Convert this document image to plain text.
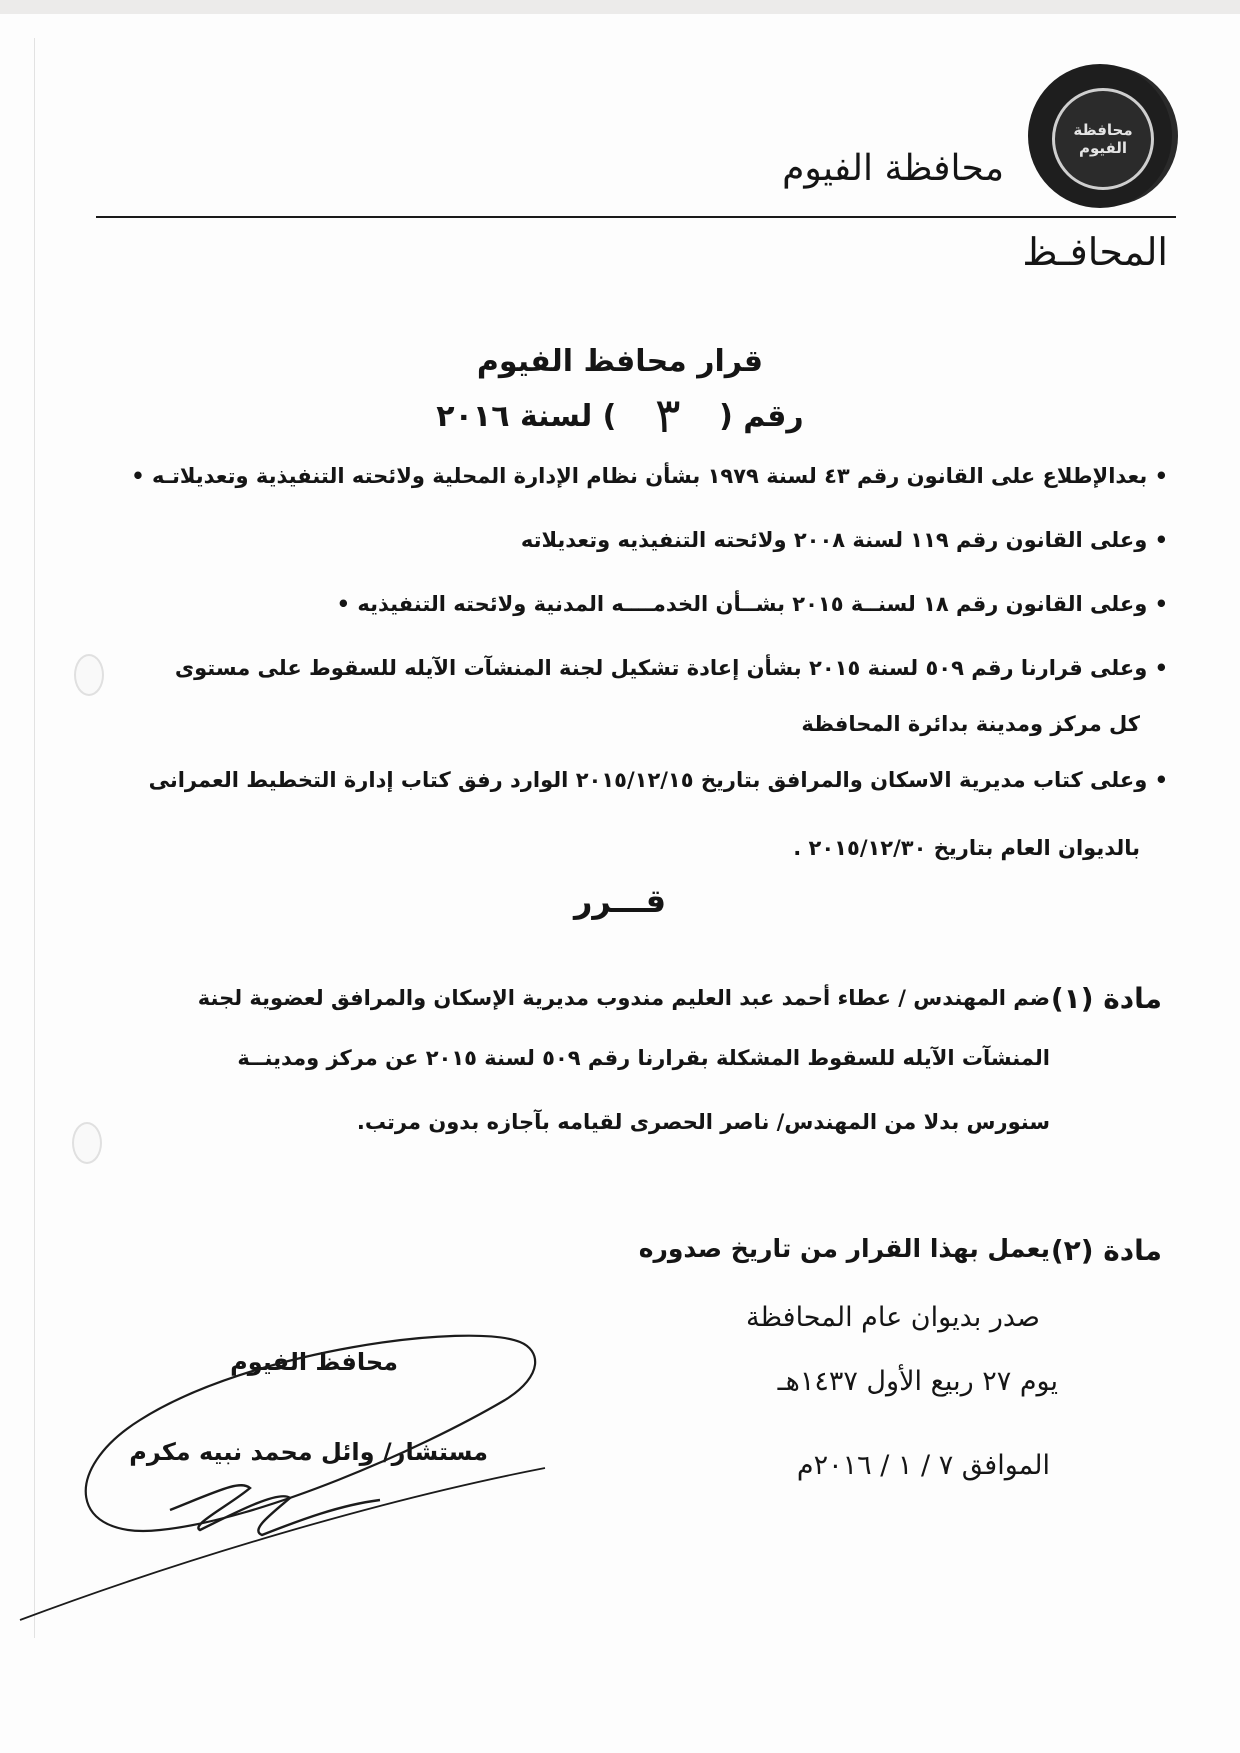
محافظة الفيوم
محافظة الفيوم
المحافـظ
قرار محافظ الفيوم
رقم ( ٣ ) لسنة ٢٠١٦
• بعدالإطلاع على القانون رقم ٤٣ لسنة ١٩٧٩ بشأن نظام الإدارة المحلية ولائحته التنفيذية وتعديلاتـه •
• وعلى القانون رقم ١١٩ لسنة ٢٠٠٨ ولائحته التنفيذيه وتعديلاته
• وعلى القانون رقم ١٨ لسنــة ٢٠١٥ بشــأن الخدمــــه المدنية ولائحته التنفيذيه •
• وعلى قرارنا رقم ٥٠٩ لسنة ٢٠١٥ بشأن إعادة تشكيل لجنة المنشآت الآيله للسقوط على مستوى
كل مركز ومدينة بدائرة المحافظة
• وعلى كتاب مديرية الاسكان والمرافق بتاريخ ٢٠١٥/١٢/١٥ الوارد رفق كتاب إدارة التخطيط العمرانى
بالديوان العام بتاريخ ٢٠١٥/١٢/٣٠ .
قـــرر
مادة (١)
ضم المهندس / عطاء أحمد عبد العليم مندوب مديرية الإسكان والمرافق لعضوية لجنة
المنشآت الآيله للسقوط المشكلة بقرارنا رقم ٥٠٩ لسنة ٢٠١٥ عن مركز ومدينــة
سنورس بدلا من المهندس/ ناصر الحصرى لقيامه بآجازه بدون مرتب.
مادة (٢)
يعمل بهذا القرار من تاريخ صدوره
صدر بديوان عام المحافظة
يوم ٢٧ ربيع الأول ١٤٣٧هـ
الموافق ٧ / ١ / ٢٠١٦م
محافظ الفيوم
مستشار/ وائل محمد نبيه مكرم
